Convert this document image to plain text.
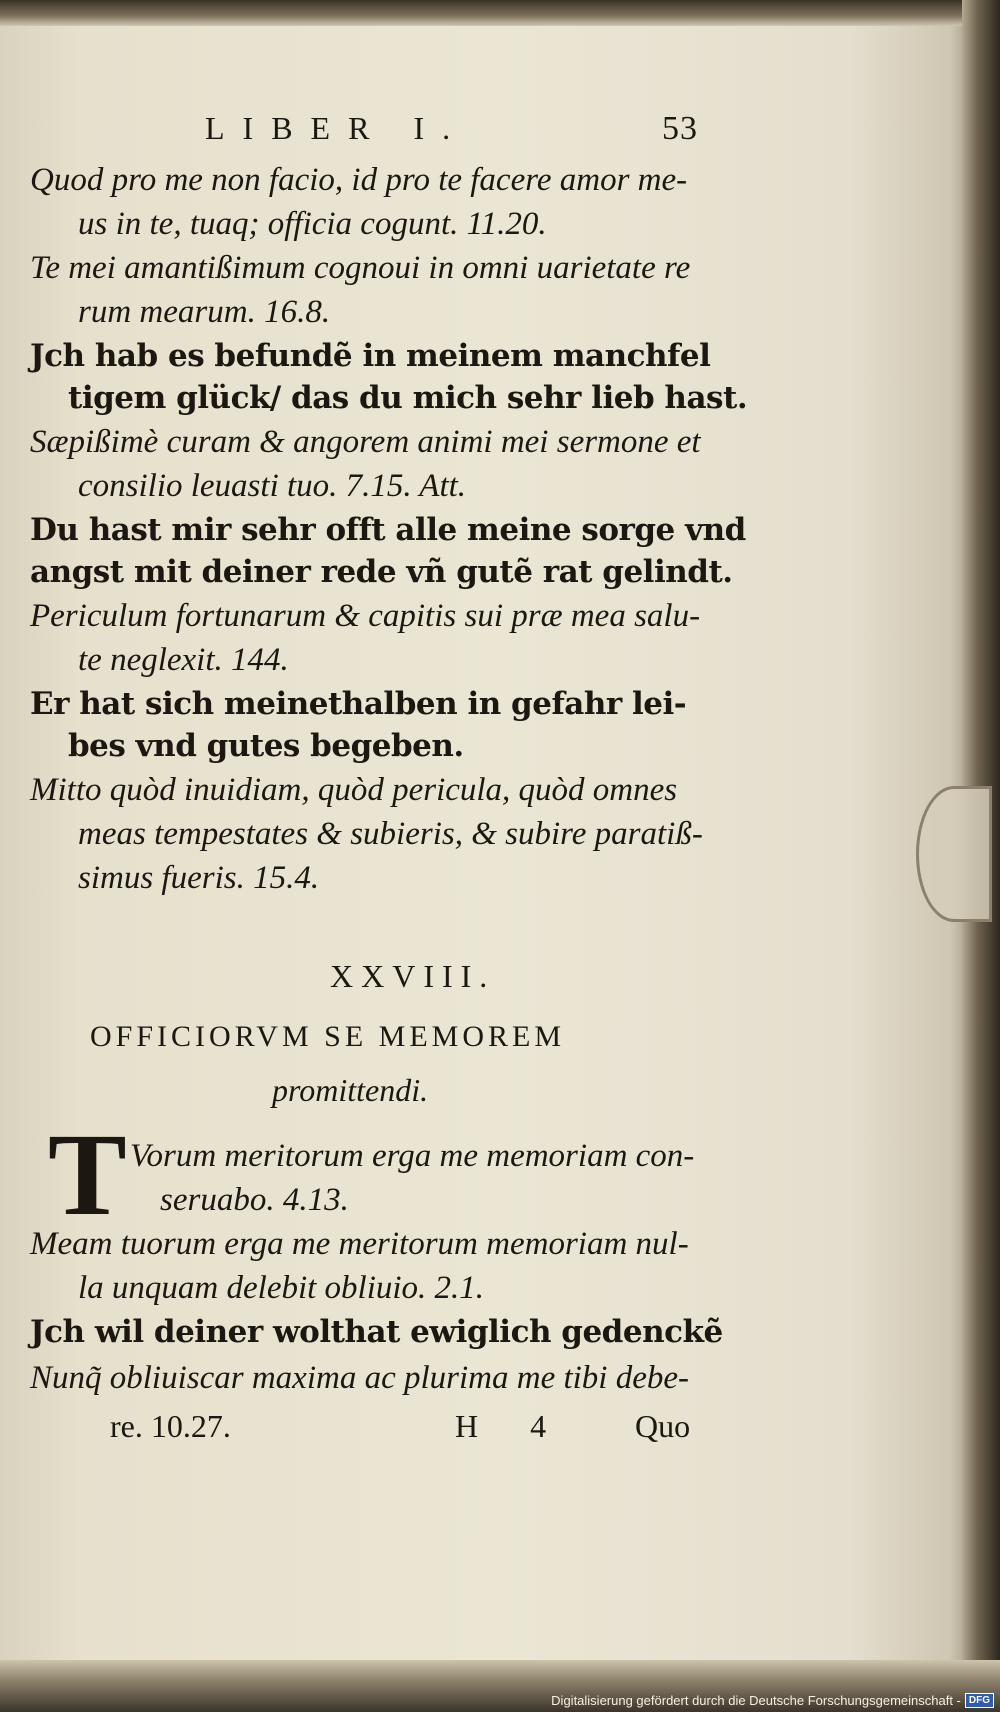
LIBER I.	53
Quod pro me non facio, id pro te facere amor me-
us in te, tuaq; officia cogunt. 11.20.
Te mei amantißimum cognoui in omni uarietate re
rum mearum. 16.8.
Jch hab es befundẽ in meinem manchfel
tigem glück/ das du mich sehr lieb hast.
Sæpißimè curam & angorem animi mei sermone et
consilio leuasti tuo. 7.15. Att.
Du hast mir sehr offt alle meine sorge vnd
angst mit deiner rede vñ gutẽ rat gelindt.
Periculum fortunarum & capitis sui præ mea salu-
te neglexit. 144.
Er hat sich meinethalben in gefahr lei-
bes vnd gutes begeben.
Mitto quòd inuidiam, quòd pericula, quòd omnes
meas tempestates & subieris, & subire paratiß-
simus fueris. 15.4.
XXVIII.
OFFICIORVM SE MEMOREM
promittendi.
T Vorum meritorum erga me memoriam con-
seruabo. 4.13.
Meam tuorum erga me meritorum memoriam nul-
la unquam delebit obliuio. 2.1.
Jch wil deiner wolthat ewiglich gedenckẽ
Nunq̃ obliuiscar maxima ac plurima me tibi debe-
re. 10.27.	H 4 Quo
Digitalisierung gefördert durch die Deutsche Forschungsgemeinschaft - DFG
